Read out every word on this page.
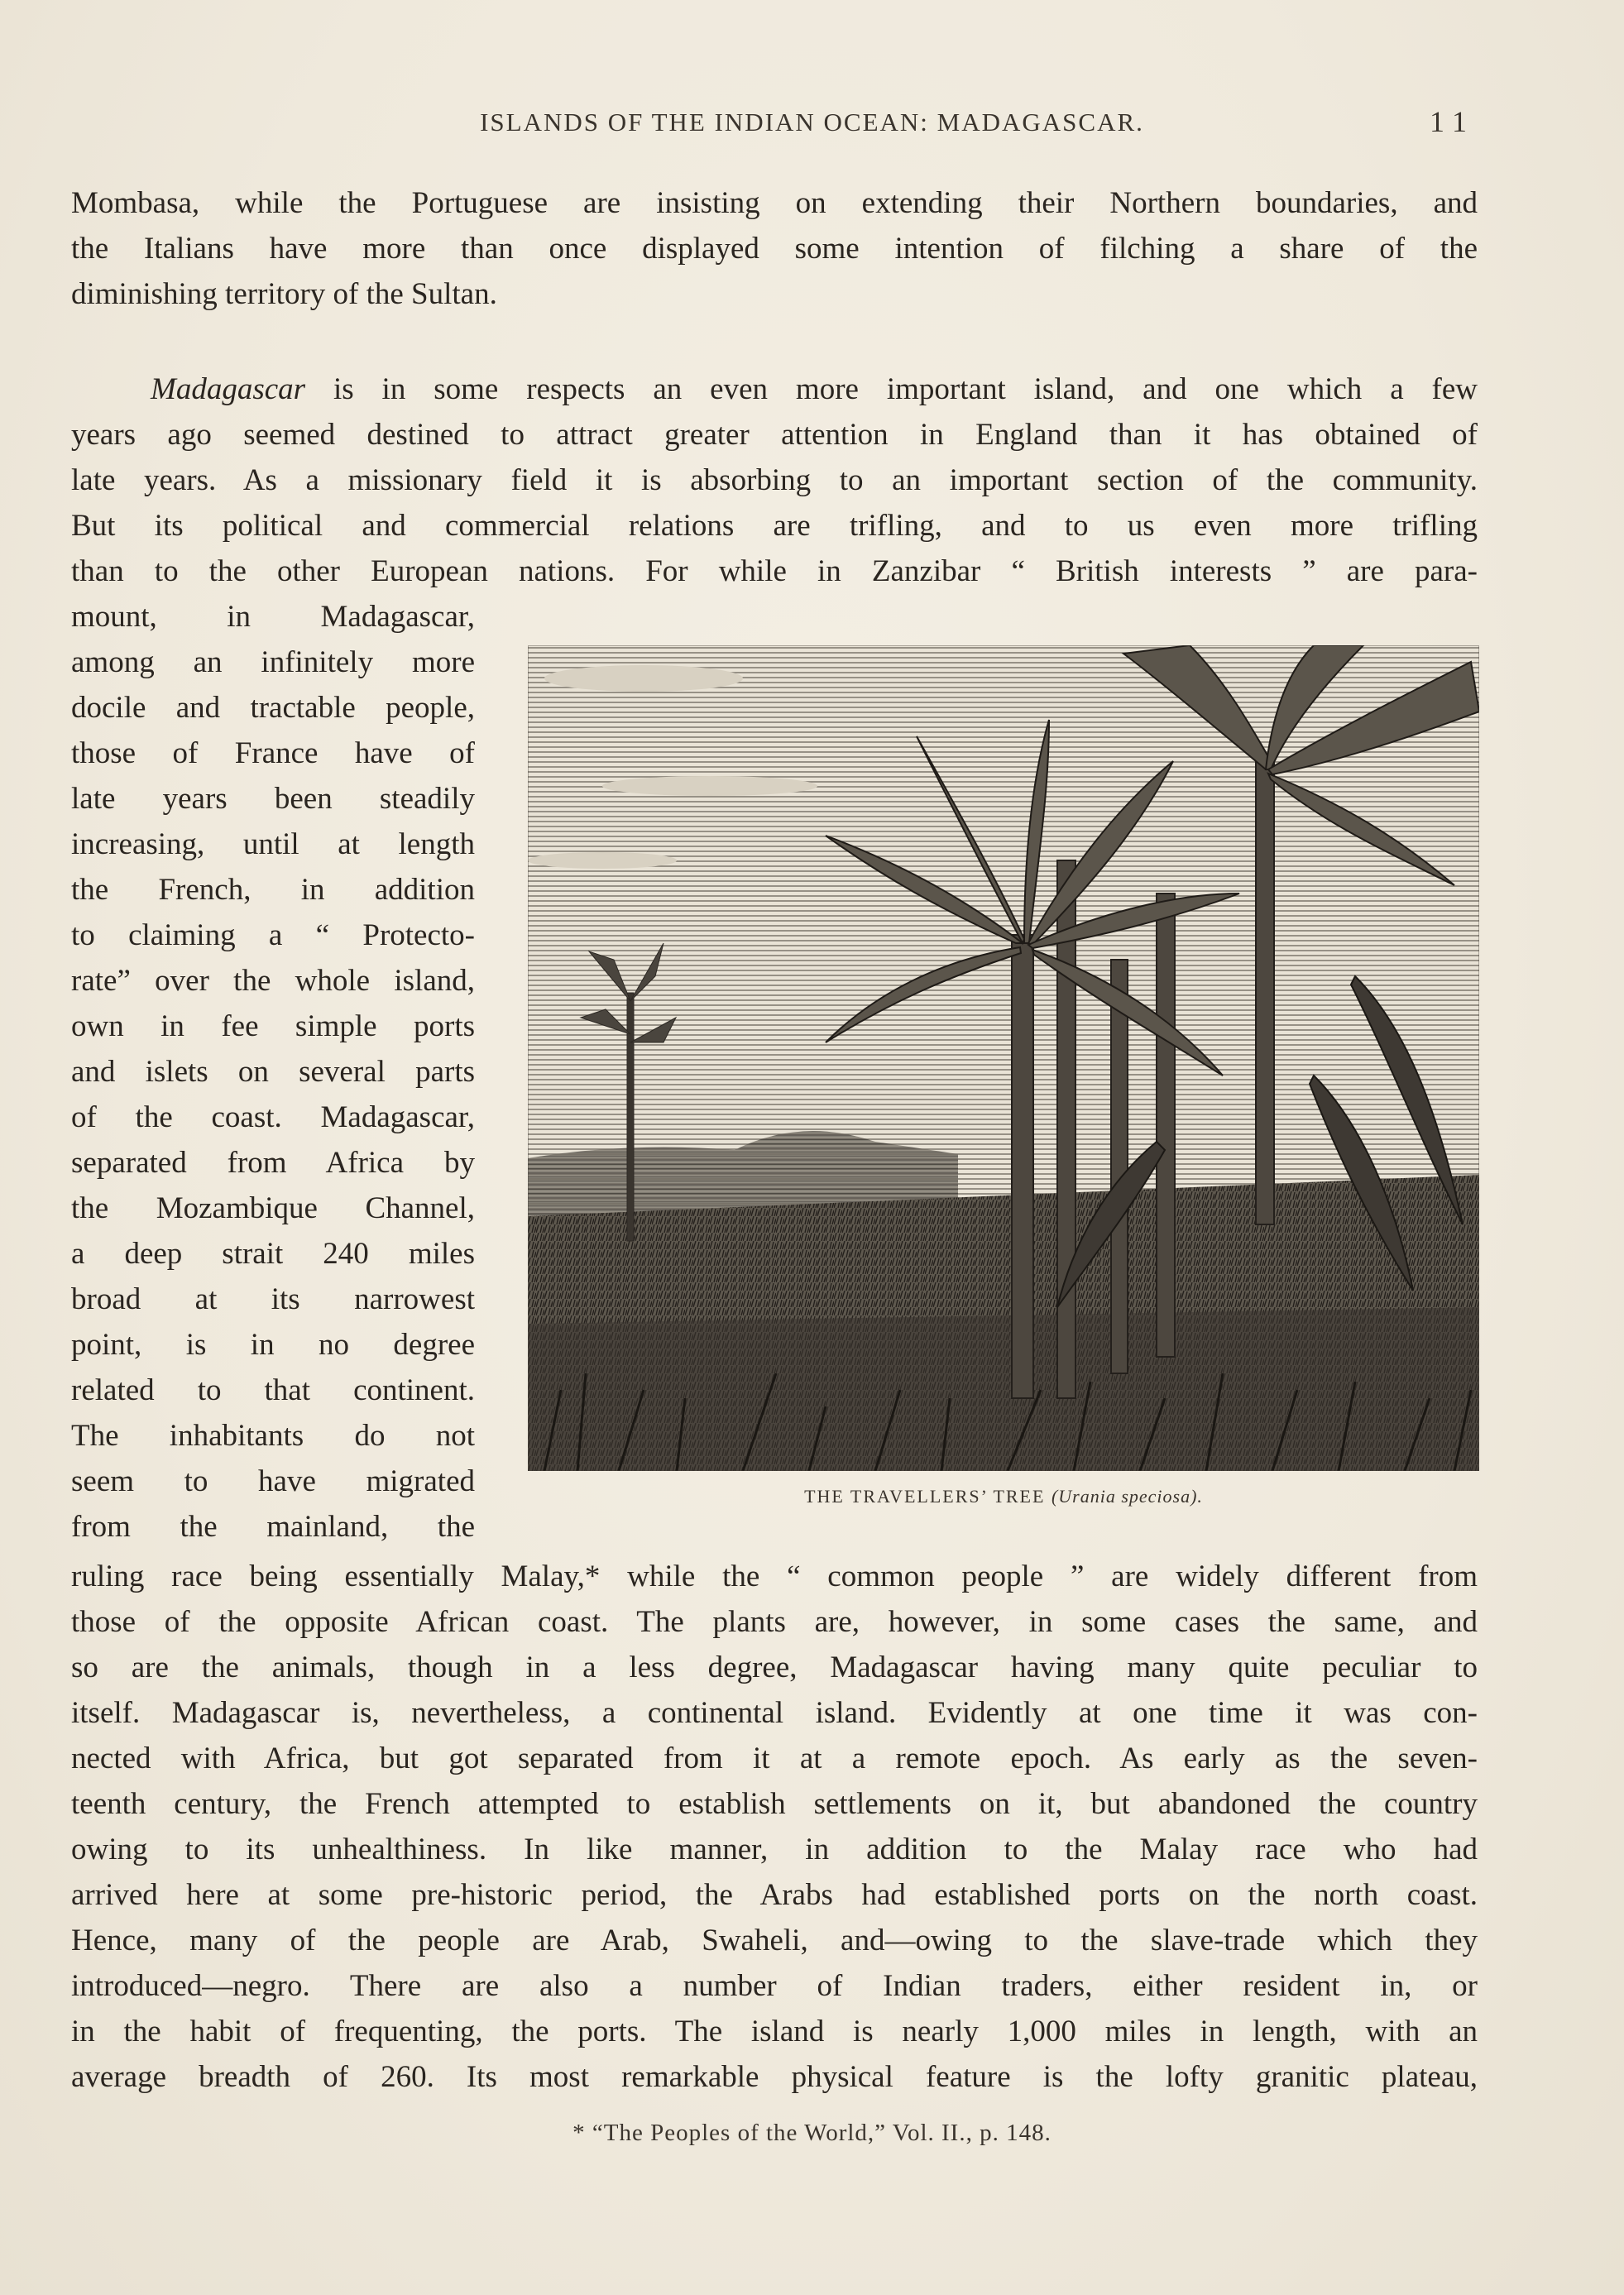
ISLANDS OF THE INDIAN OCEAN: MADAGASCAR.	1 1
Mombasa, while the Portuguese are insisting on extending their Northern boundaries, and
the Italians have more than once displayed some intention of filching a share of the
diminishing territory of the Sultan.
Madagascar is in some respects an even more important island, and one which a few
years ago seemed destined to attract greater attention in England than it has obtained of
late years. As a missionary field it is absorbing to an important section of the community.
But its political and commercial relations are trifling, and to us even more trifling
than to the other European nations. For while in Zanzibar “ British interests ” are para-
mount, in Madagascar,
among an infinitely more
docile and tractable people,
those of France have of
late years been steadily
increasing, until at length
the French, in addition
to claiming a “ Protecto-
rate” over the whole island,
own in fee simple ports
and islets on several parts
of the coast. Madagascar,
separated from Africa by
the Mozambique Channel,
a deep strait 240 miles
broad at its narrowest
point, is in no degree
related to that continent.
The inhabitants do not
seem to have migrated
from the mainland, the
THE TRAVELLERS’ TREE (Urania speciosa).
ruling race being essentially Malay,* while the “ common people ” are widely different from
those of the opposite African coast. The plants are, however, in some cases the same, and
so are the animals, though in a less degree, Madagascar having many quite peculiar to
itself. Madagascar is, nevertheless, a continental island. Evidently at one time it was con-
nected with Africa, but got separated from it at a remote epoch. As early as the seven-
teenth century, the French attempted to establish settlements on it, but abandoned the country
owing to its unhealthiness. In like manner, in addition to the Malay race who had
arrived here at some pre-historic period, the Arabs had established ports on the north coast.
Hence, many of the people are Arab, Swaheli, and—owing to the slave-trade which they
introduced—negro. There are also a number of Indian traders, either resident in, or
in the habit of frequenting, the ports. The island is nearly 1,000 miles in length, with an
average breadth of 260. Its most remarkable physical feature is the lofty granitic plateau,
* “The Peoples of the World,” Vol. II., p. 148.
